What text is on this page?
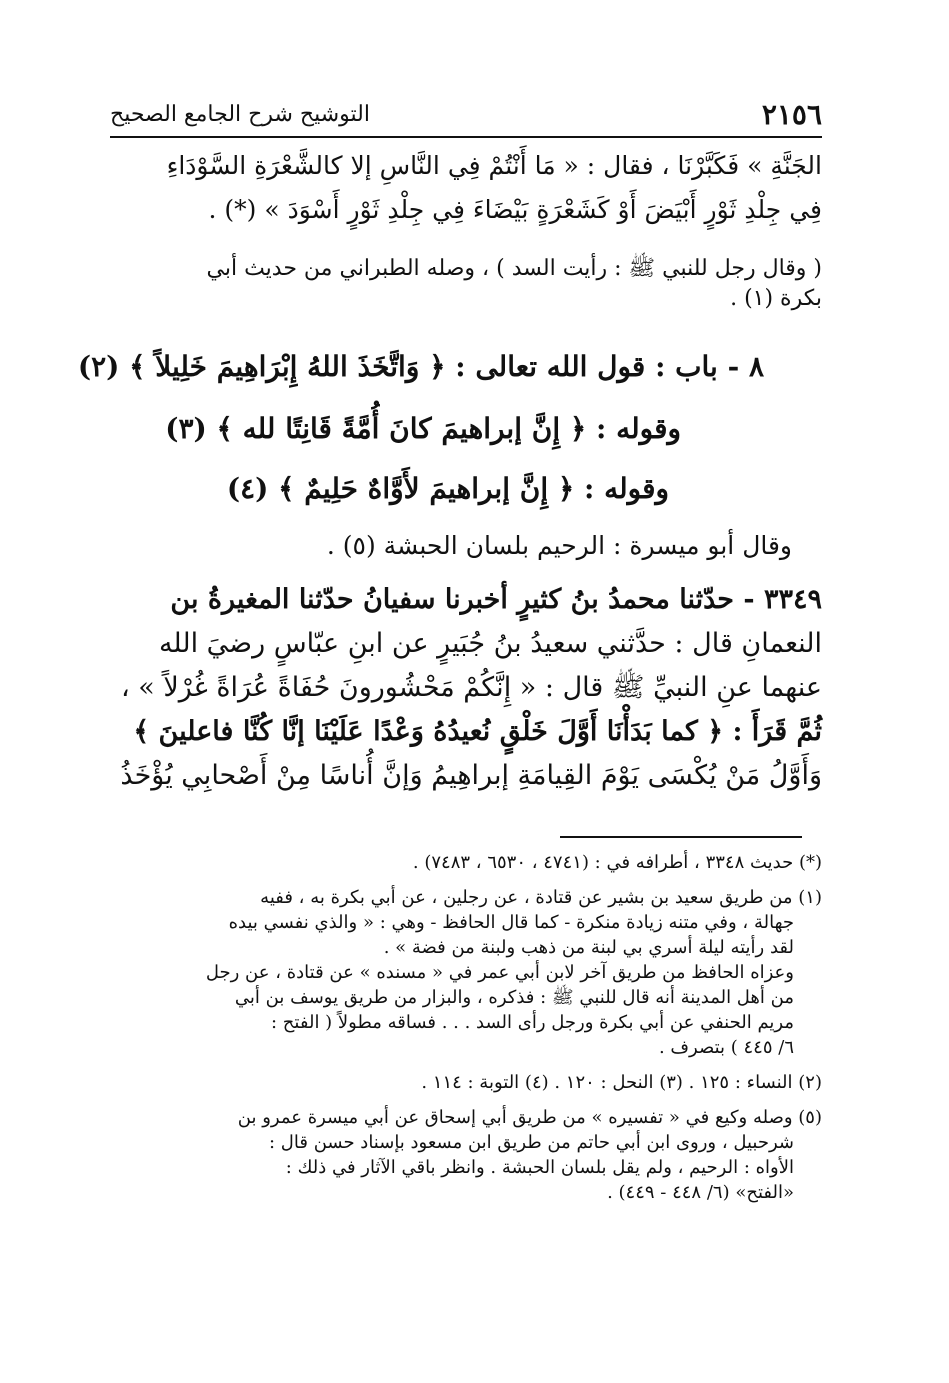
٢١٥٦
التوشيح شرح الجامع الصحيح
الجَنَّةِ » فَكَبَّرْنَا ، فقال : « مَا أَنْتُمْ فِي النَّاسِ إلا كالشَّعْرَةِ السَّوْدَاءِ
فِي جِلْدِ ثَوْرٍ أَبْيَضَ أَوْ كَشَعْرَةٍ بَيْضَاءَ فِي جِلْدِ ثَوْرٍ أَسْوَدَ » (*) .
( وقال رجل للنبي ﷺ : رأيت السد ) ، وصله الطبراني من حديث أبي
بكرة (١) .
٨ - باب : قول الله تعالى : ﴿ وَاتَّخَذَ اللهُ إِبْرَاهِيمَ خَلِيلاً ﴾ (٢)
وقوله : ﴿ إِنَّ إبراهيمَ كانَ أُمَّةً قَانِتًا لله ﴾ (٣)
وقوله : ﴿ إِنَّ إبراهيمَ لأَوَّاهٌ حَلِيمٌ ﴾ (٤)
وقال أبو ميسرة : الرحيم بلسان الحبشة (٥) .
٣٣٤٩ - حدّثنا محمدُ بنُ كثيرٍ أخبرنا سفيانُ حدّثنا المغيرةُ بن
النعمانِ قال : حدَّثني سعيدُ بنُ جُبَيرٍ عن ابنِ عبّاسٍ رضيَ الله
عنهما عنِ النبيِّ ﷺ قال : « إِنَّكُمْ مَحْشُورونَ حُفَاةً عُرَاةً غُرْلاً » ،
ثُمَّ قَرَأَ : ﴿ كما بَدَأْنَا أَوَّلَ خَلْقٍ نُعيدُهُ وَعْدًا عَلَيْنَا إنَّا كُنَّا فاعلينَ ﴾
وَأَوَّلُ مَنْ يُكْسَى يَوْمَ القِيامَةِ إبراهِيمُ وَإنَّ أُناسًا مِنْ أَصْحابِي يُؤْخَذُ
(*) حديث ٣٣٤٨ ، أطرافه في : (٤٧٤١ ، ٦٥٣٠ ، ٧٤٨٣) .
(١) من طريق سعيد بن بشير عن قتادة ، عن رجلين ، عن أبي بكرة به ، ففيه
جهالة ، وفي متنه زيادة منكرة - كما قال الحافظ - وهي : « والذي نفسي بيده
لقد رأيته ليلة أسري بي لبنة من ذهب ولبنة من فضة » .
وعزاه الحافظ من طريق آخر لابن أبي عمر في « مسنده » عن قتادة ، عن رجل
من أهل المدينة أنه قال للنبي ﷺ : فذكره ، والبزار من طريق يوسف بن أبي
مريم الحنفي عن أبي بكرة ورجل رأى السد . . . فساقه مطولاً ( الفتح :
٦/ ٤٤٥ ) بتصرف .
(٢) النساء : ١٢٥ . (٣) النحل : ١٢٠ . (٤) التوبة : ١١٤ .
(٥) وصله وكيع في « تفسيره » من طريق أبي إسحاق عن أبي ميسرة عمرو بن
شرحبيل ، وروى ابن أبي حاتم من طريق ابن مسعود بإسناد حسن قال :
الأواه : الرحيم ، ولم يقل بلسان الحبشة . وانظر باقي الآثار في ذلك :
«الفتح» (٦/ ٤٤٨ - ٤٤٩) .
